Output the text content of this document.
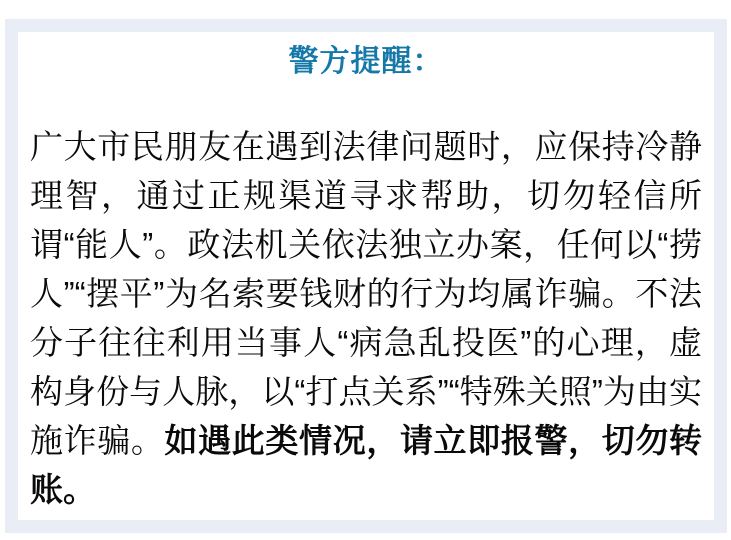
警方提醒：

广大市民朋友在遇到法律问题时，应保持冷静理智，通过正规渠道寻求帮助，切勿轻信所谓“能人”。政法机关依法独立办案，任何以“捞人”“摆平”为名索要钱财的行为均属诈骗。不法分子往往利用当事人“病急乱投医”的心理，虚构身份与人脉，以“打点关系”“特殊关照”为由实施诈骗。如遇此类情况，请立即报警，切勿转账。
